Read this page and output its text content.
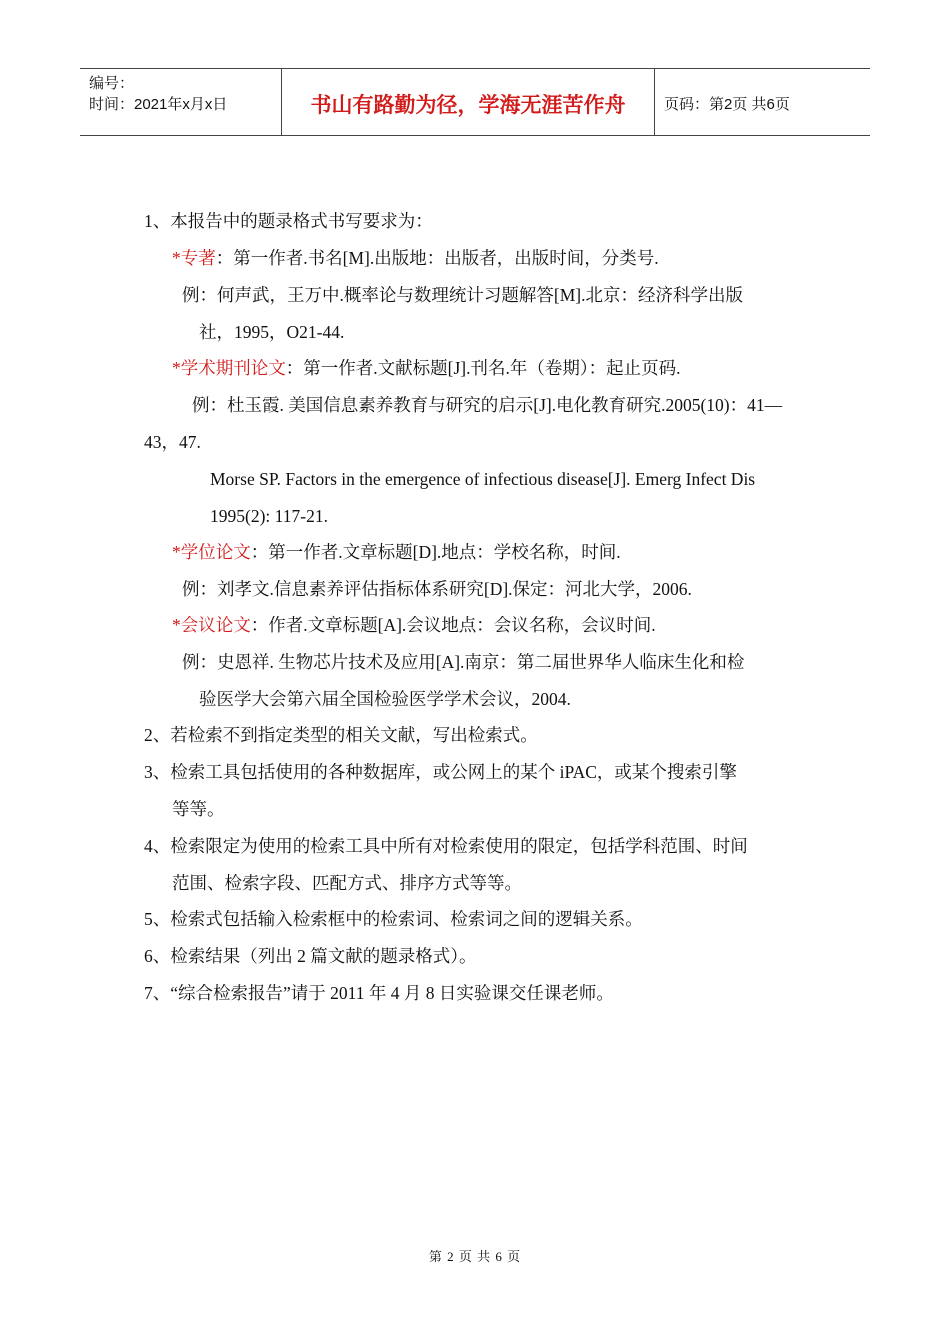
编号：
时间：2021年x月x日	书山有路勤为径，学海无涯苦作舟	页码：第2页 共6页
1、本报告中的题录格式书写要求为：
*专著：第一作者.书名[M].出版地：出版者，出版时间，分类号.
例：何声武，王万中.概率论与数理统计习题解答[M].北京：经济科学出版
社，1995，O21-44.
*学术期刊论文：第一作者.文献标题[J].刊名.年（卷期）：起止页码.
例：杜玉霞. 美国信息素养教育与研究的启示[J].电化教育研究.2005(10)：41—
43，47.
Morse SP. Factors in the emergence of infectious disease[J]. Emerg Infect Dis
1995(2): 117-21.
*学位论文：第一作者.文章标题[D].地点：学校名称，时间.
例：刘孝文.信息素养评估指标体系研究[D].保定：河北大学，2006.
*会议论文：作者.文章标题[A].会议地点：会议名称，会议时间.
例：史恩祥. 生物芯片技术及应用[A].南京：第二届世界华人临床生化和检
验医学大会第六届全国检验医学学术会议，2004.
2、若检索不到指定类型的相关文献，写出检索式。
3、检索工具包括使用的各种数据库，或公网上的某个 iPAC，或某个搜索引擎
等等。
4、检索限定为使用的检索工具中所有对检索使用的限定，包括学科范围、时间
范围、检索字段、匹配方式、排序方式等等。
5、检索式包括输入检索框中的检索词、检索词之间的逻辑关系。
6、检索结果（列出 2 篇文献的题录格式）。
7、“综合检索报告”请于 2011 年 4 月 8 日实验课交任课老师。
第 2 页 共 6 页
